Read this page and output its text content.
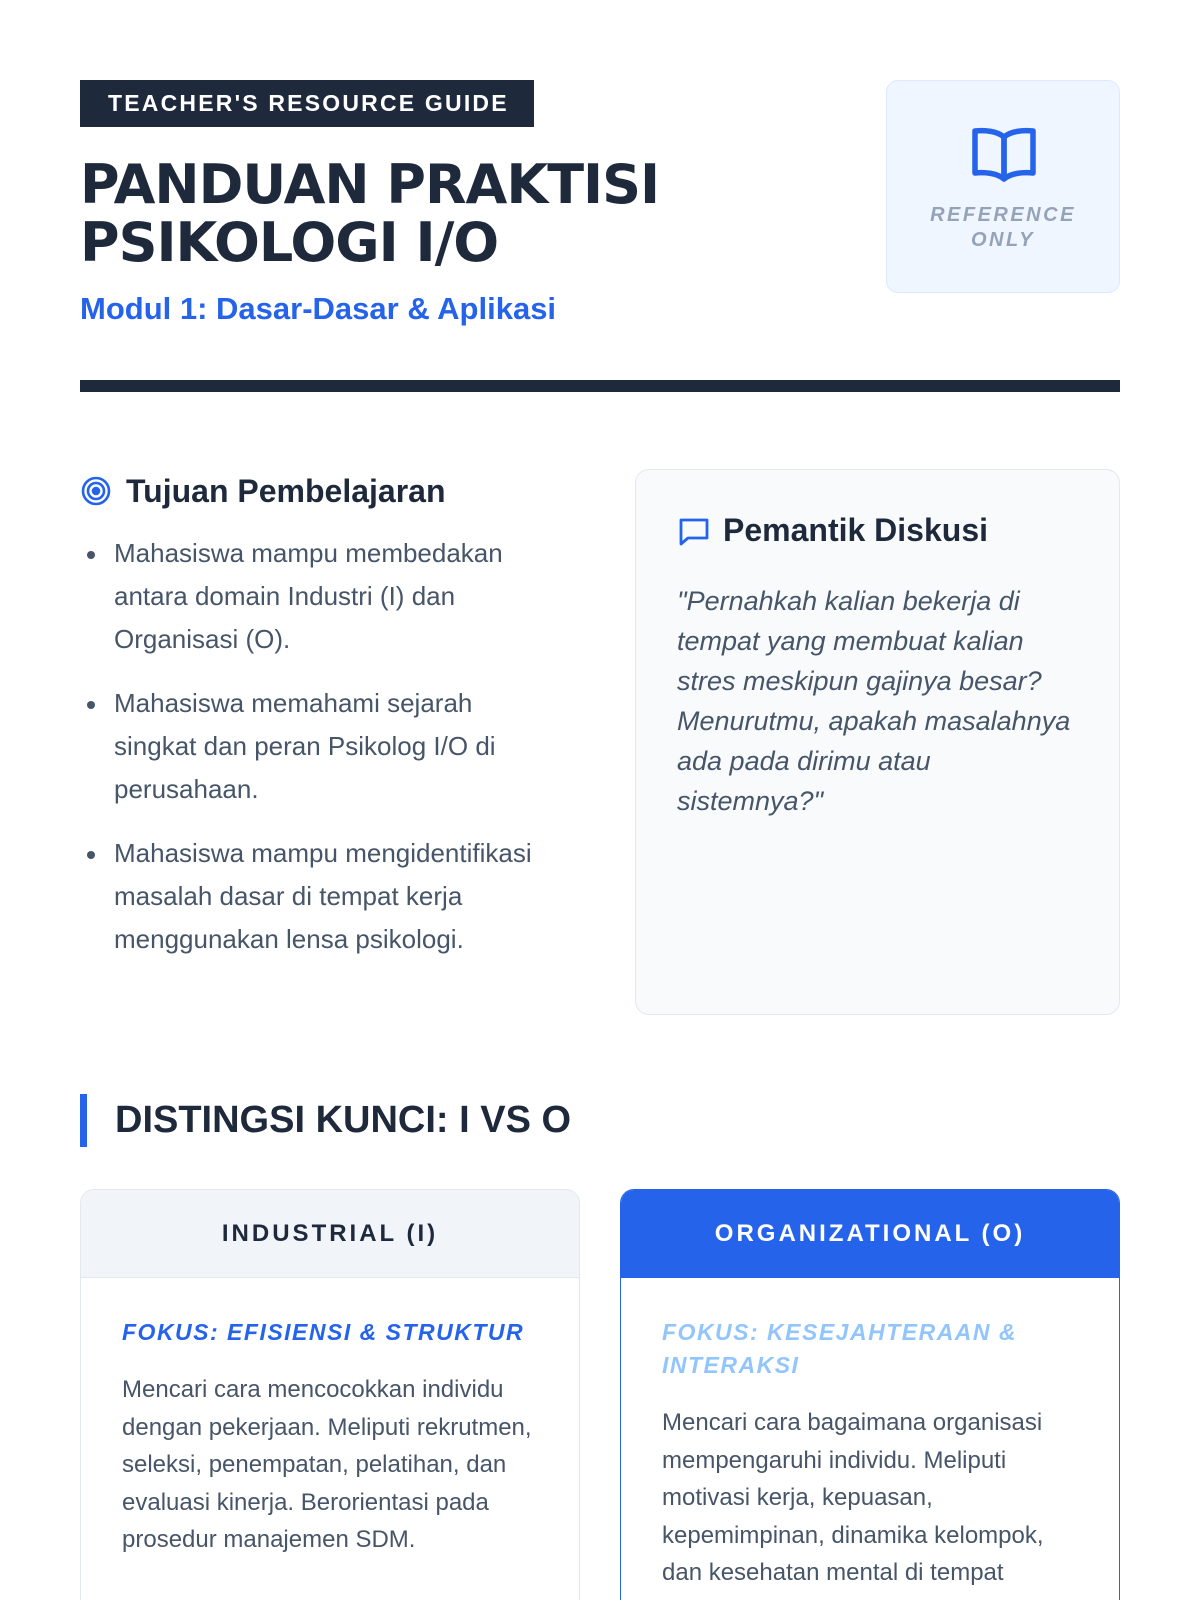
TEACHER'S RESOURCE GUIDE
PANDUAN PRAKTISI
PSIKOLOGI I/O
Modul 1: Dasar-Dasar & Aplikasi
REFERENCE
ONLY
Tujuan Pembelajaran
Mahasiswa mampu membedakan antara domain Industri (I) dan Organisasi (O).
Mahasiswa memahami sejarah singkat dan peran Psikolog I/O di perusahaan.
Mahasiswa mampu mengidentifikasi masalah dasar di tempat kerja menggunakan lensa psikologi.
Pemantik Diskusi

"Pernahkah kalian bekerja di tempat yang membuat kalian stres meskipun gajinya besar? Menurutmu, apakah masalahnya ada pada dirimu atau sistemnya?"

DISTINGSI KUNCI: I VS O
INDUSTRIAL (I)
FOKUS: EFISIENSI & STRUKTUR

Mencari cara mencocokkan individu dengan pekerjaan. Meliputi rekrutmen, seleksi, penempatan, pelatihan, dan evaluasi kinerja. Berorientasi pada prosedur manajemen SDM.

ORGANIZATIONAL (O)
FOKUS: KESEJAHTERAAN & INTERAKSI

Mencari cara bagaimana organisasi mempengaruhi individu. Meliputi motivasi kerja, kepuasan, kepemimpinan, dinamika kelompok, dan kesehatan mental di tempat
